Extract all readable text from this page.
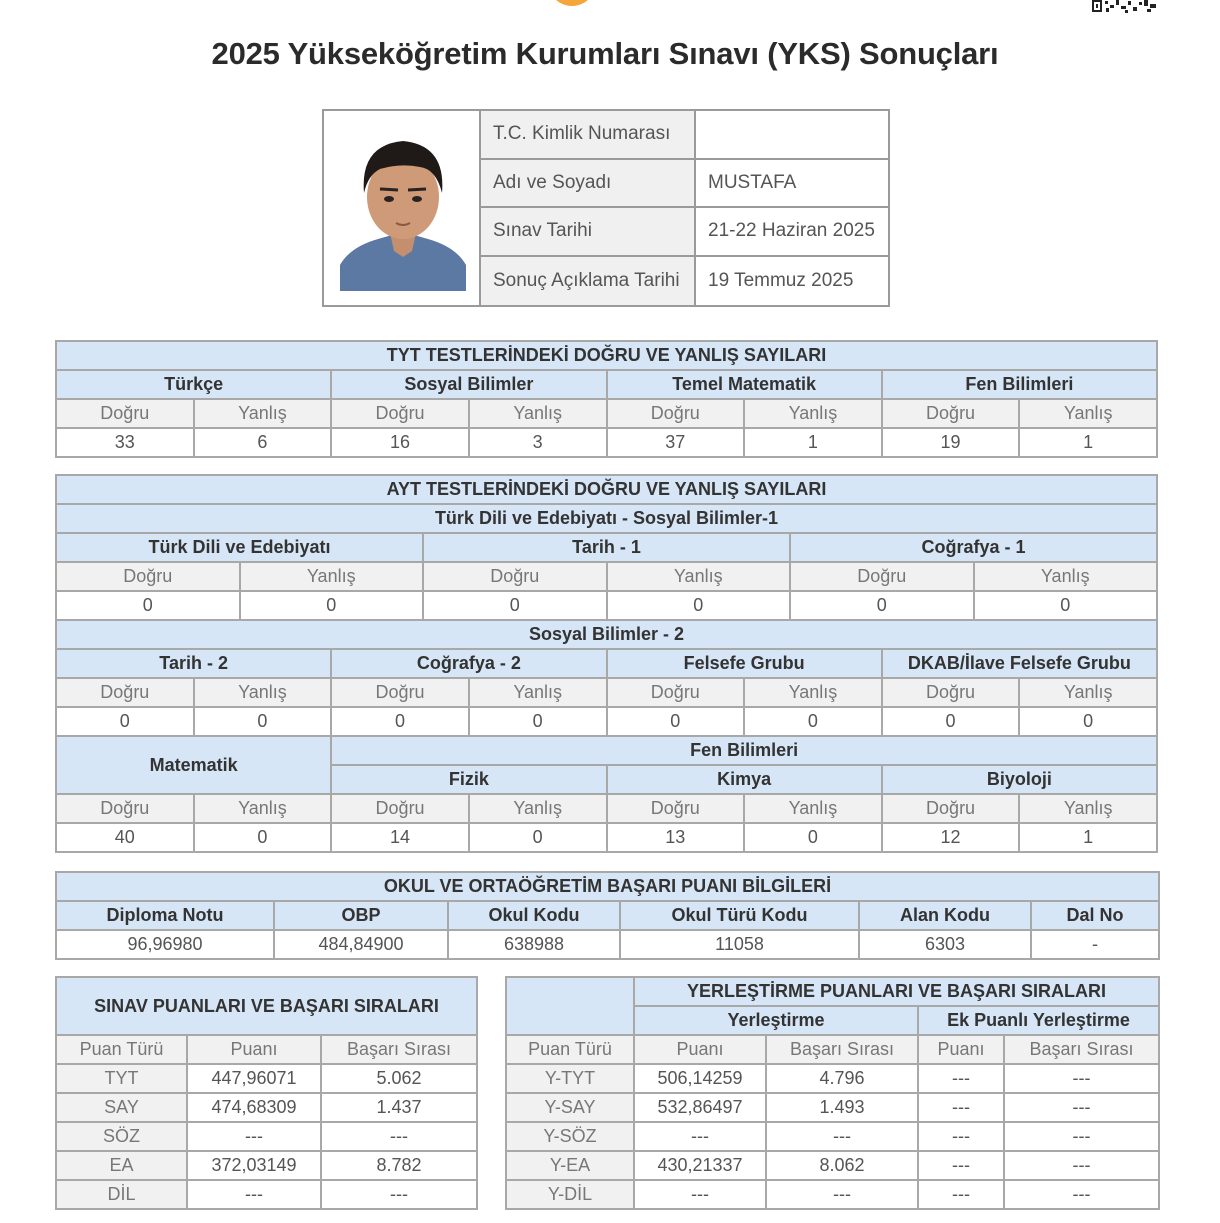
2025 Yükseköğretim Kurumları Sınavı (YKS) Sonuçları
T.C. Kimlik Numarası
Adı ve Soyadı	MUSTAFA
Sınav Tarihi	21-22 Haziran 2025
Sonuç Açıklama Tarihi	19 Temmuz 2025
TYT TESTLERİNDEKİ DOĞRU VE YANLIŞ SAYILARI							
Türkçe		Sosyal Bilimler		Temel Matematik		Fen Bilimleri	
Doğru	Yanlış	Doğru	Yanlış	Doğru	Yanlış	Doğru	Yanlış
33	6	16	3	37	1	19	1
AYT TESTLERİNDEKİ DOĞRU VE YANLIŞ SAYILARI											
Türk Dili ve Edebiyatı - Sosyal Bilimler-1											
Türk Dili ve Edebiyatı				Tarih - 1				Coğrafya - 1			
Doğru		Yanlış		Doğru		Yanlış		Doğru		Yanlış	
0		0		0		0		0		0	
Sosyal Bilimler - 2											
Tarih - 2			Coğrafya - 2			Felsefe Grubu			DKAB/İlave Felsefe Grubu		
Doğru	Yanlış		Doğru		Yanlış	Doğru	Yanlış		Doğru		Yanlış
0	0		0		0	0	0		0		0
Matematik			Fen Bilimleri								
			Fizik			Kimya			Biyoloji		
Doğru	Yanlış		Doğru		Yanlış	Doğru	Yanlış		Doğru		Yanlış
40	0		14		0	13	0		12		1
OKUL VE ORTAÖĞRETİM BAŞARI PUANI BİLGİLERİ					
Diploma Notu	OBP	Okul Kodu	Okul Türü Kodu	Alan Kodu	Dal No
96,96980	484,84900	638988	11058	6303	-
SINAV PUANLARI VE BAŞARI SIRALARI		
Puan Türü	Puanı	Başarı Sırası
TYT	447,96071	5.062
SAY	474,68309	1.437
SÖZ	---	---
EA	372,03149	8.782
DİL	---	---
	YERLEŞTİRME PUANLARI VE BAŞARI SIRALARI			
	Yerleştirme		Ek Puanlı Yerleştirme	
Puan Türü	Puanı	Başarı Sırası	Puanı	Başarı Sırası
Y-TYT	506,14259	4.796	---	---
Y-SAY	532,86497	1.493	---	---
Y-SÖZ	---	---	---	---
Y-EA	430,21337	8.062	---	---
Y-DİL	---	---	---	---
